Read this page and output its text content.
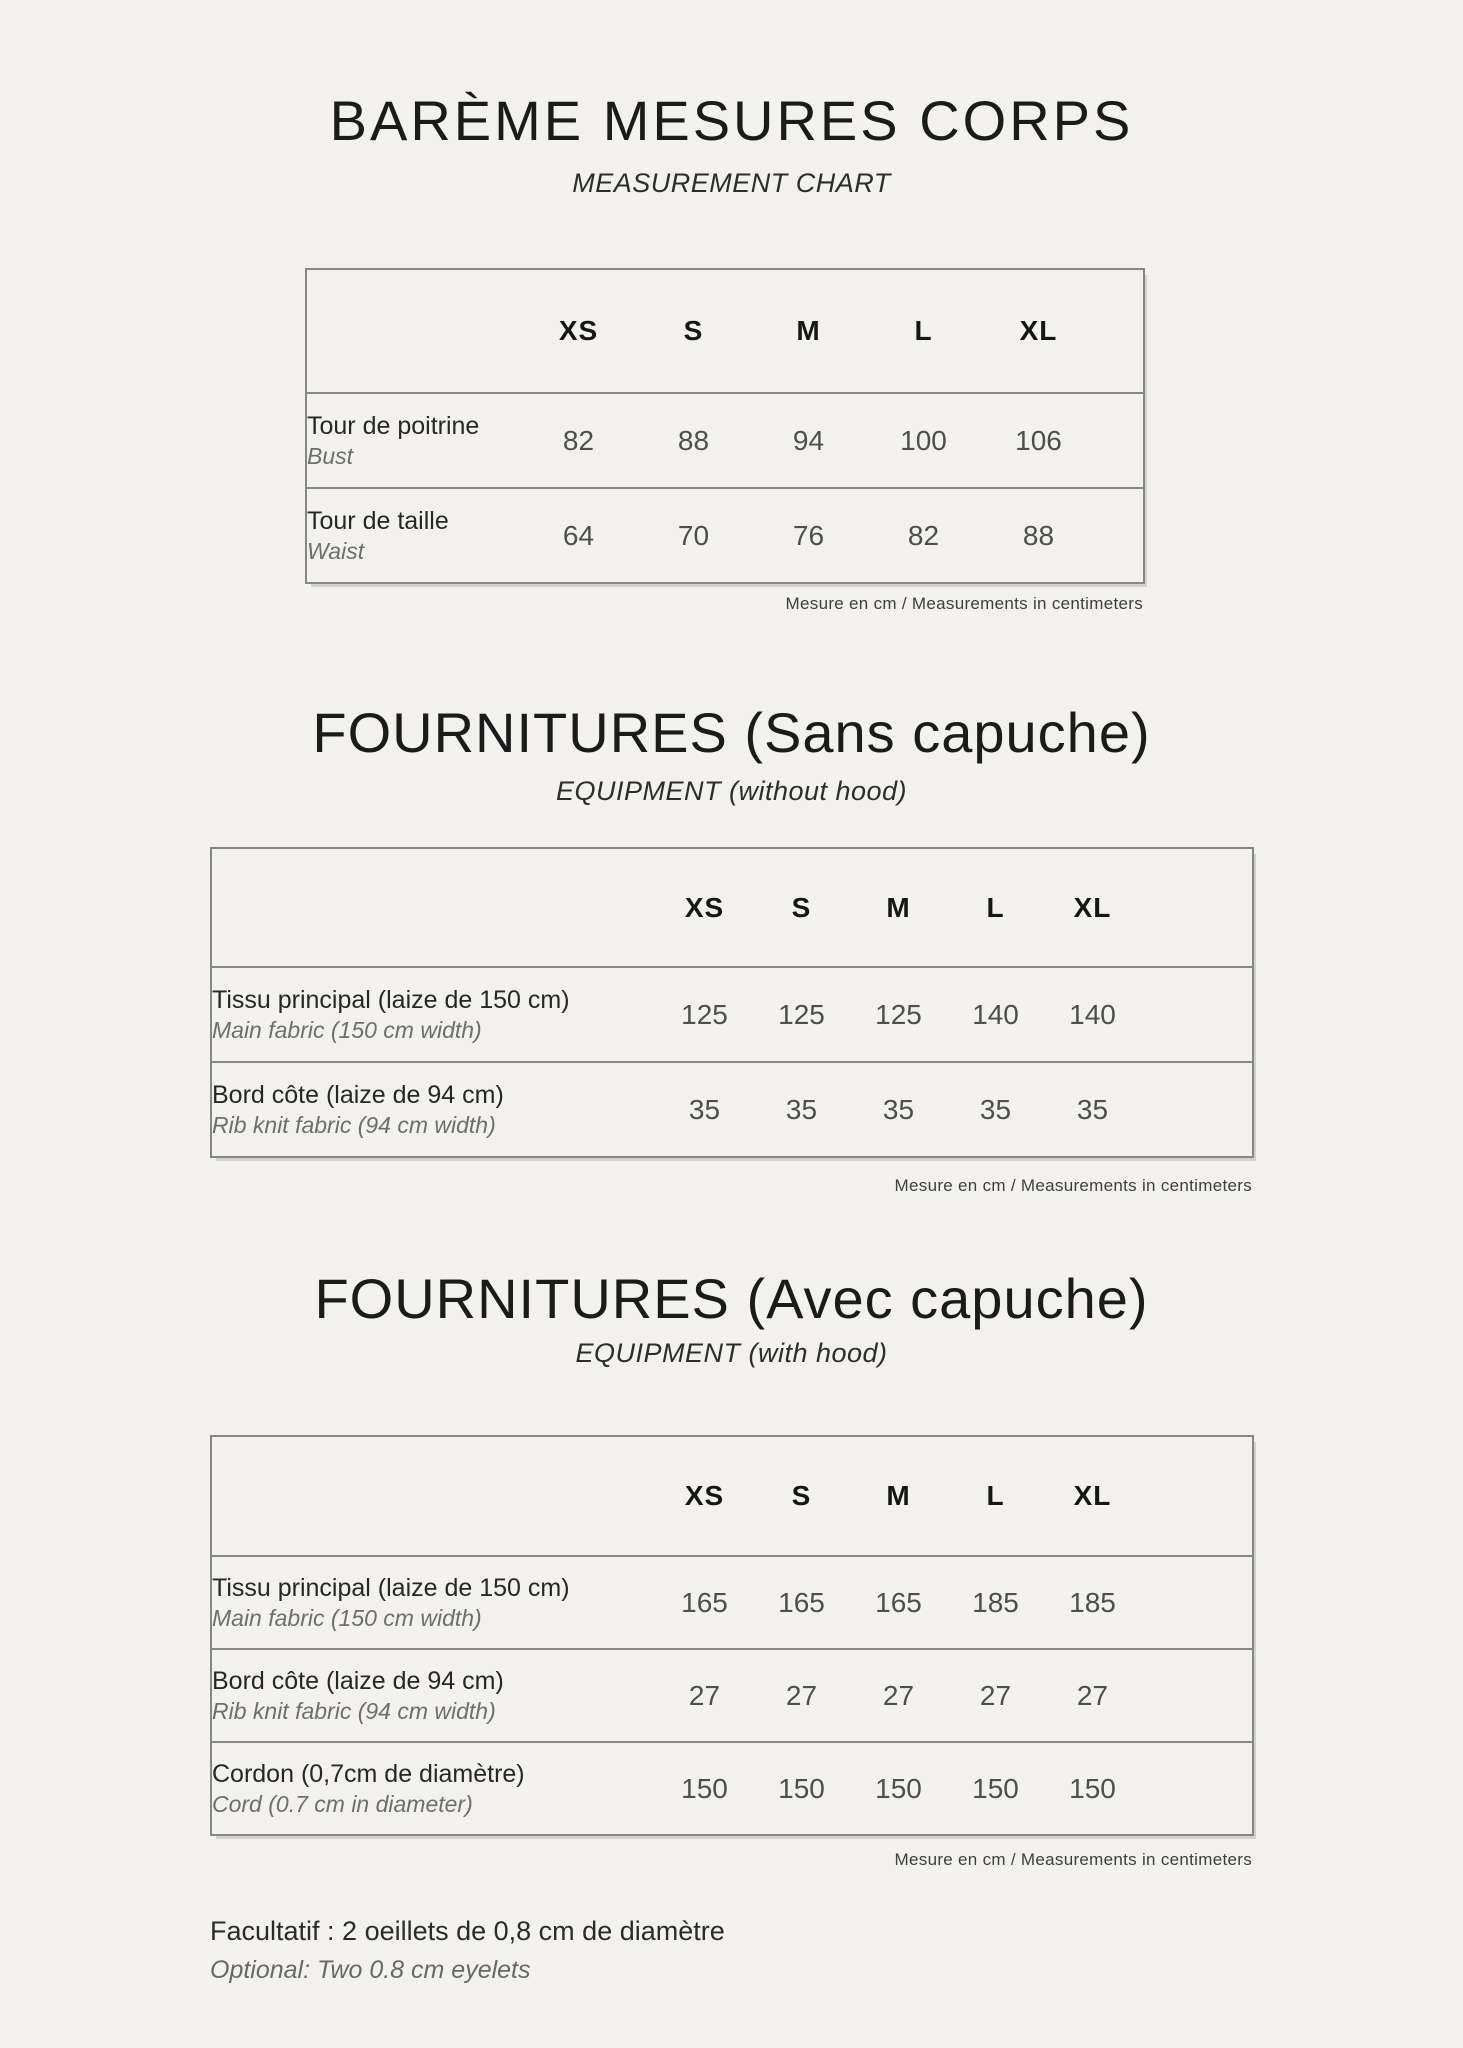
BARÈME MESURES CORPS
MEASUREMENT CHART
	XS	S	M	L	XL	

Tour de poitrine
Bust	82	88	94	100	106	

Tour de taille
Waist	64	70	76	82	88	
Mesure en cm / Measurements in centimeters
FOURNITURES (Sans capuche)
EQUIPMENT (without hood)
	XS	S	M	L	XL	

Tissu principal (laize de 150 cm)
Main fabric (150 cm width)	125	125	125	140	140	

Bord côte (laize de 94 cm)
Rib knit fabric (94 cm width)	35	35	35	35	35	
Mesure en cm / Measurements in centimeters
FOURNITURES (Avec capuche)
EQUIPMENT (with hood)
	XS	S	M	L	XL	

Tissu principal (laize de 150 cm)
Main fabric (150 cm width)	165	165	165	185	185	

Bord côte (laize de 94 cm)
Rib knit fabric (94 cm width)	27	27	27	27	27	

Cordon (0,7cm de diamètre)
Cord (0.7 cm in diameter)	150	150	150	150	150	
Mesure en cm / Measurements in centimeters
Facultatif : 2 oeillets de 0,8 cm de diamètre
Optional: Two 0.8 cm eyelets
